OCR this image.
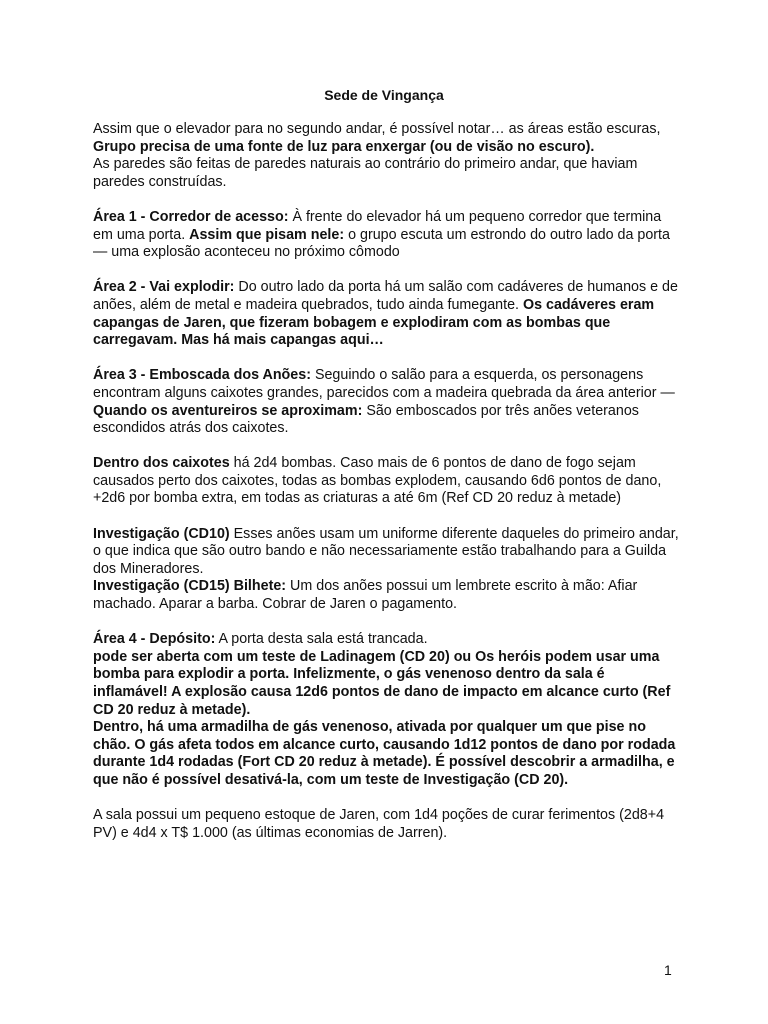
Sede de Vingança

Assim que o elevador para no segundo andar, é possível notar… as áreas estão escuras,

Grupo precisa de uma fonte de luz para enxergar (ou de visão no escuro).

As paredes são feitas de paredes naturais ao contrário do primeiro andar, que haviam paredes construídas.

Área 1 - Corredor de acesso: À frente do elevador há um pequeno corredor que termina em uma porta. Assim que pisam nele: o grupo escuta um estrondo do outro lado da porta — uma explosão aconteceu no próximo cômodo

Área 2 - Vai explodir: Do outro lado da porta há um salão com cadáveres de humanos e de anões, além de metal e madeira quebrados, tudo ainda fumegante. Os cadáveres eram capangas de Jaren, que fizeram bobagem e explodiram com as bombas que carregavam. Mas há mais capangas aqui…

Área 3 - Emboscada dos Anões: Seguindo o salão para a esquerda, os personagens encontram alguns caixotes grandes, parecidos com a madeira quebrada da área anterior — Quando os aventureiros se aproximam: São emboscados por três anões veteranos escondidos atrás dos caixotes.

Dentro dos caixotes há 2d4 bombas. Caso mais de 6 pontos de dano de fogo sejam causados perto dos caixotes, todas as bombas explodem, causando 6d6 pontos de dano, +2d6 por bomba extra, em todas as criaturas a até 6m (Ref CD 20 reduz à metade)

Investigação (CD10) Esses anões usam um uniforme diferente daqueles do primeiro andar, o que indica que são outro bando e não necessariamente estão trabalhando para a Guilda dos Mineradores.

Investigação (CD15) Bilhete: Um dos anões possui um lembrete escrito à mão: Afiar machado. Aparar a barba. Cobrar de Jaren o pagamento.

Área 4 - Depósito: A porta desta sala está trancada.

pode ser aberta com um teste de Ladinagem (CD 20) ou Os heróis podem usar uma bomba para explodir a porta. Infelizmente, o gás venenoso dentro da sala é inflamável! A explosão causa 12d6 pontos de dano de impacto em alcance curto (Ref CD 20 reduz à metade).

Dentro, há uma armadilha de gás venenoso, ativada por qualquer um que pise no chão. O gás afeta todos em alcance curto, causando 1d12 pontos de dano por rodada durante 1d4 rodadas (Fort CD 20 reduz à metade). É possível descobrir a armadilha, e que não é possível desativá-la, com um teste de Investigação (CD 20).

A sala possui um pequeno estoque de Jaren, com 1d4 poções de curar ferimentos (2d8+4 PV) e 4d4 x T$ 1.000 (as últimas economias de Jarren).

1
